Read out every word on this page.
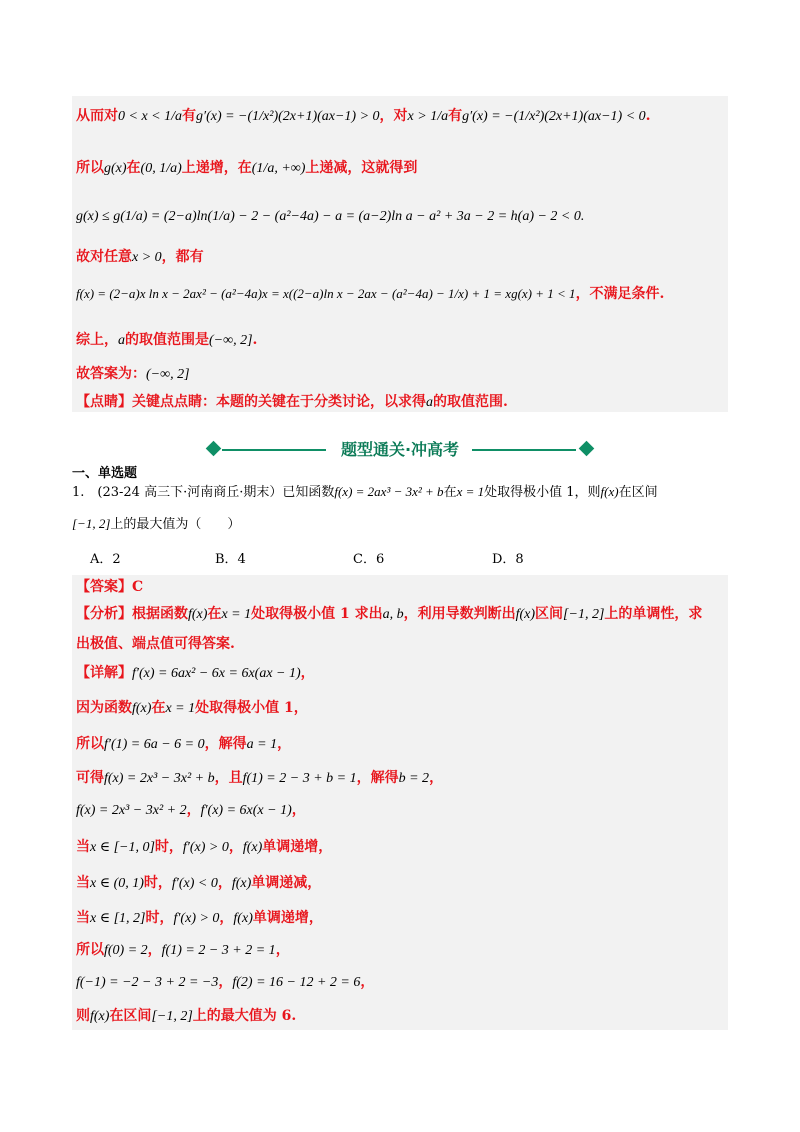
从而对0 < x < 1/a有g′(x) = −(1/x²)(2x+1)(ax−1) > 0，对x > 1/a有g′(x) = −(1/x²)(2x+1)(ax−1) < 0.
所以g(x)在(0, 1/a)上递增，在(1/a, +∞)上递减，这就得到
g(x) ≤ g(1/a) = (2−a)ln(1/a) − 2 − (a²−4a) − a = (a−2)ln a − a² + 3a − 2 = h(a) − 2 < 0.
故对任意x > 0，都有
f(x) = (2−a)x ln x − 2ax² − (a²−4a)x = x((2−a)ln x − 2ax − (a²−4a) − 1/x) + 1 = xg(x) + 1 < 1，不满足条件.
综上，a的取值范围是(−∞, 2].
故答案为：(−∞, 2]
【点睛】关键点点睛：本题的关键在于分类讨论，以求得a的取值范围.
题型通关·冲高考
一、单选题
1.　(23-24 高三下·河南商丘·期末）已知函数f(x) = 2ax³ − 3x² + b在x = 1处取得极小值 1，则f(x)在区间
[−1, 2]上的最大值为（　　）
A．2	B．4	C．6	D．8
【答案】C
【分析】根据函数f(x)在x = 1处取得极小值 1 求出a, b，利用导数判断出f(x)区间[−1, 2]上的单调性，求
出极值、端点值可得答案.
【详解】f′(x) = 6ax² − 6x = 6x(ax − 1)，
因为函数f(x)在x = 1处取得极小值 1，
所以f′(1) = 6a − 6 = 0，解得a = 1，
可得f(x) = 2x³ − 3x² + b，且f(1) = 2 − 3 + b = 1，解得b = 2，
f(x) = 2x³ − 3x² + 2，f′(x) = 6x(x − 1)，
当x ∈ [−1, 0]时，f′(x) > 0，f(x)单调递增，
当x ∈ (0, 1)时，f′(x) < 0，f(x)单调递减，
当x ∈ [1, 2]时，f′(x) > 0，f(x)单调递增，
所以f(0) = 2，f(1) = 2 − 3 + 2 = 1，
f(−1) = −2 − 3 + 2 = −3，f(2) = 16 − 12 + 2 = 6，
则f(x)在区间[−1, 2]上的最大值为 6.
